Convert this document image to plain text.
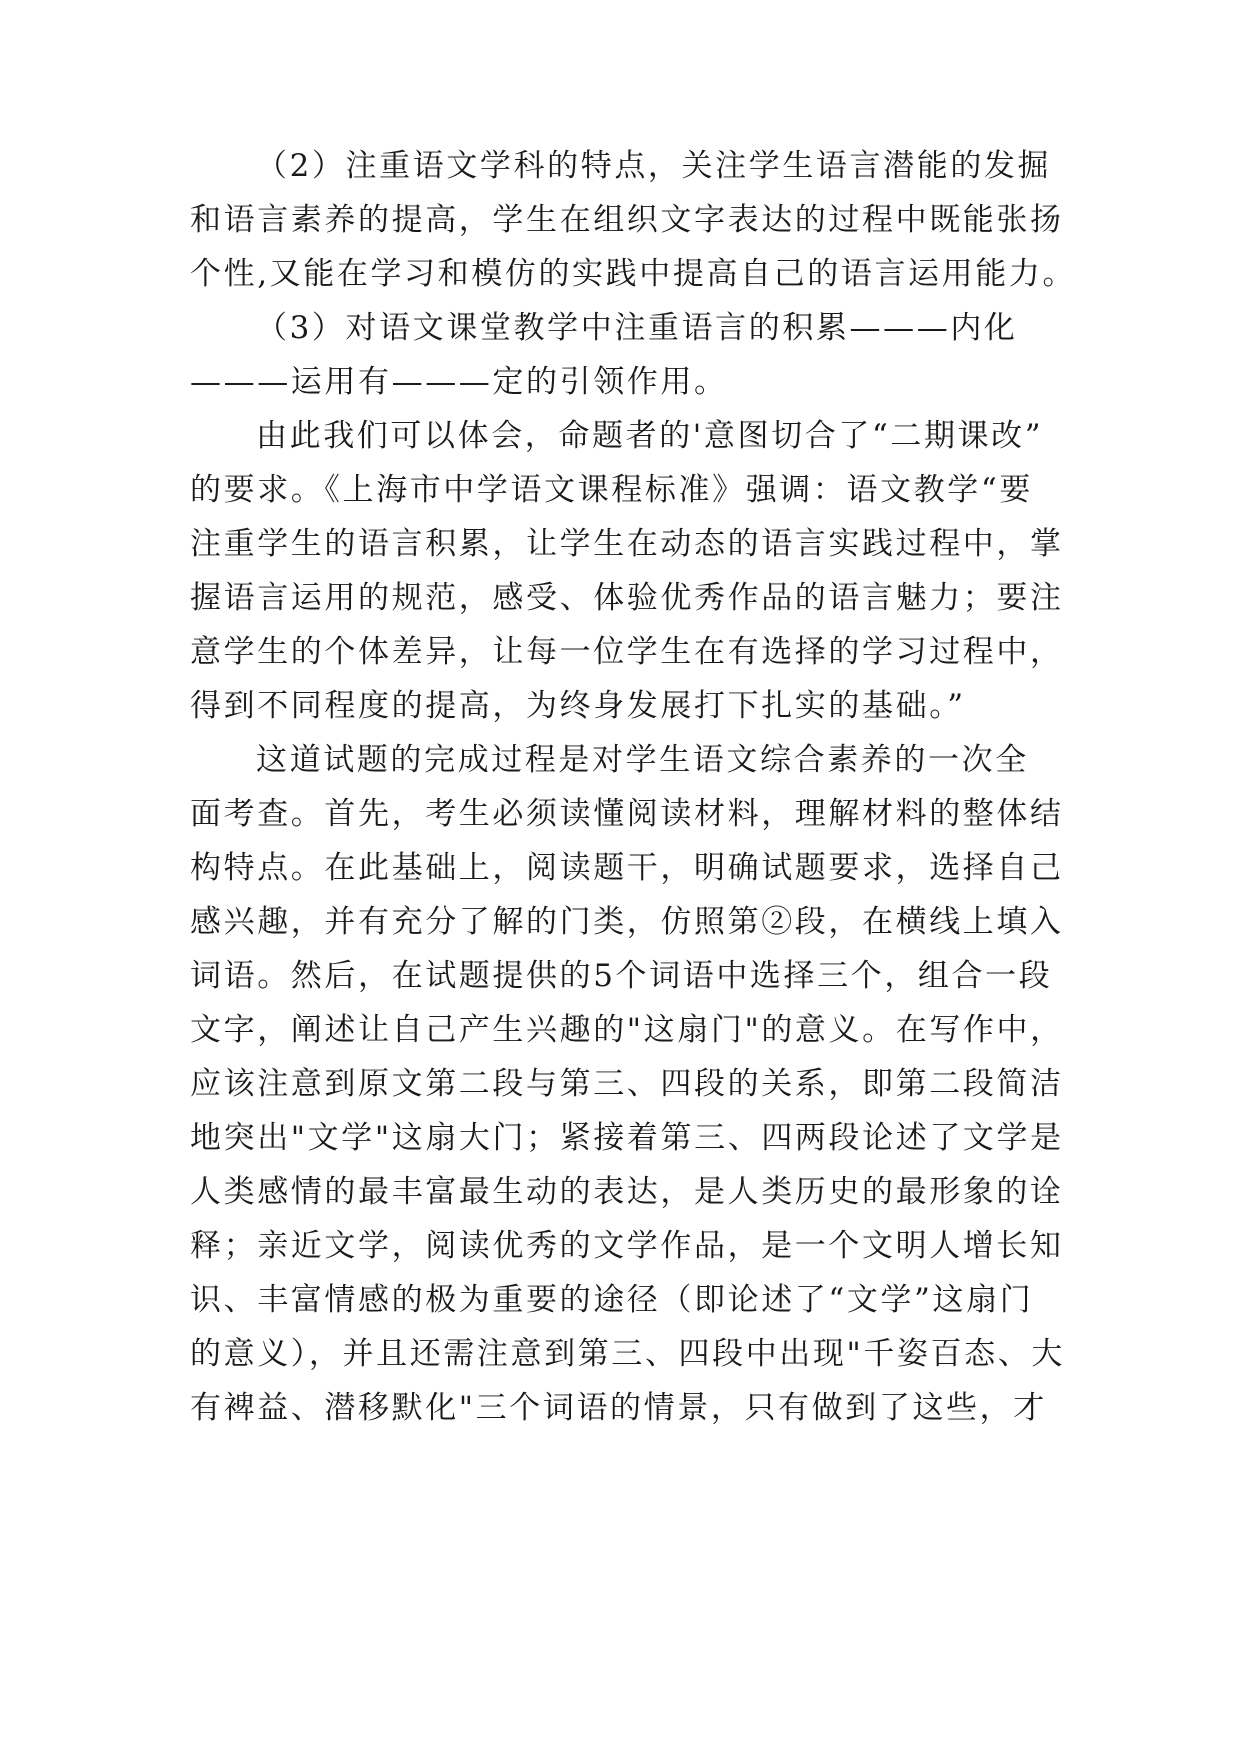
（2）注重语文学科的特点，关注学生语言潜能的发掘
和语言素养的提高，学生在组织文字表达的过程中既能张扬
个性,又能在学习和模仿的实践中提高自己的语言运用能力。
（3）对语文课堂教学中注重语言的积累———内化
———运用有———定的引领作用。
由此我们可以体会，命题者的'意图切合了“二期课改”
的要求。《上海市中学语文课程标准》强调：语文教学“要
注重学生的语言积累，让学生在动态的语言实践过程中，掌
握语言运用的规范，感受、体验优秀作品的语言魅力；要注
意学生的个体差异，让每一位学生在有选择的学习过程中，
得到不同程度的提高，为终身发展打下扎实的基础。”
这道试题的完成过程是对学生语文综合素养的一次全
面考查。首先，考生必须读懂阅读材料，理解材料的整体结
构特点。在此基础上，阅读题干，明确试题要求，选择自己
感兴趣，并有充分了解的门类，仿照第②段，在横线上填入
词语。然后，在试题提供的5个词语中选择三个，组合一段
文字，阐述让自己产生兴趣的"这扇门"的意义。在写作中，
应该注意到原文第二段与第三、四段的关系，即第二段简洁
地突出"文学"这扇大门；紧接着第三、四两段论述了文学是
人类感情的最丰富最生动的表达，是人类历史的最形象的诠
释；亲近文学，阅读优秀的文学作品，是一个文明人增长知
识、丰富情感的极为重要的途径（即论述了“文学”这扇门
的意义），并且还需注意到第三、四段中出现"千姿百态、大
有裨益、潜移默化"三个词语的情景，只有做到了这些，才
